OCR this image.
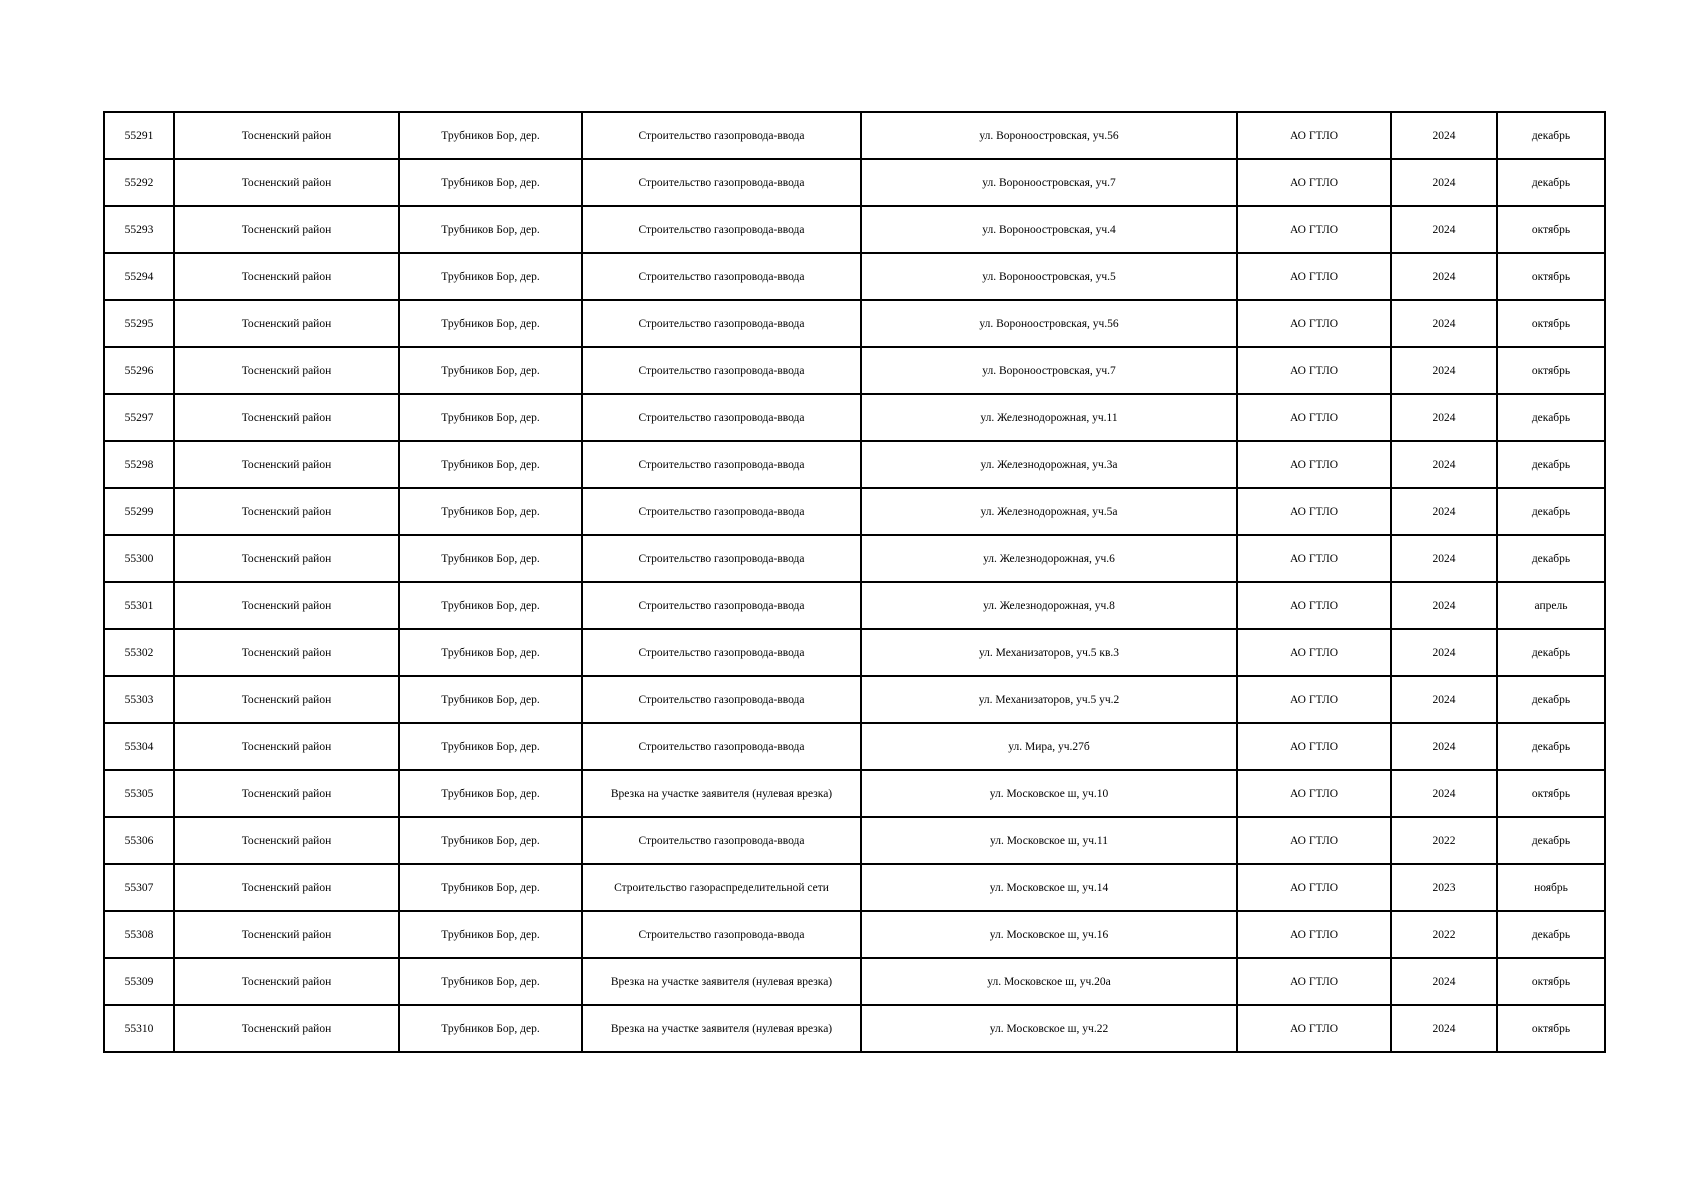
55291	Тосненский район	Трубников Бор, дер.	Строительство газопровода-ввода	ул. Вороноостровская, уч.56	АО ГТЛО	2024	декабрь
55292	Тосненский район	Трубников Бор, дер.	Строительство газопровода-ввода	ул. Вороноостровская, уч.7	АО ГТЛО	2024	декабрь
55293	Тосненский район	Трубников Бор, дер.	Строительство газопровода-ввода	ул. Вороноостровская, уч.4	АО ГТЛО	2024	октябрь
55294	Тосненский район	Трубников Бор, дер.	Строительство газопровода-ввода	ул. Вороноостровская, уч.5	АО ГТЛО	2024	октябрь
55295	Тосненский район	Трубников Бор, дер.	Строительство газопровода-ввода	ул. Вороноостровская, уч.56	АО ГТЛО	2024	октябрь
55296	Тосненский район	Трубников Бор, дер.	Строительство газопровода-ввода	ул. Вороноостровская, уч.7	АО ГТЛО	2024	октябрь
55297	Тосненский район	Трубников Бор, дер.	Строительство газопровода-ввода	ул. Железнодорожная, уч.11	АО ГТЛО	2024	декабрь
55298	Тосненский район	Трубников Бор, дер.	Строительство газопровода-ввода	ул. Железнодорожная, уч.3а	АО ГТЛО	2024	декабрь
55299	Тосненский район	Трубников Бор, дер.	Строительство газопровода-ввода	ул. Железнодорожная, уч.5а	АО ГТЛО	2024	декабрь
55300	Тосненский район	Трубников Бор, дер.	Строительство газопровода-ввода	ул. Железнодорожная, уч.6	АО ГТЛО	2024	декабрь
55301	Тосненский район	Трубников Бор, дер.	Строительство газопровода-ввода	ул. Железнодорожная, уч.8	АО ГТЛО	2024	апрель
55302	Тосненский район	Трубников Бор, дер.	Строительство газопровода-ввода	ул. Механизаторов, уч.5 кв.3	АО ГТЛО	2024	декабрь
55303	Тосненский район	Трубников Бор, дер.	Строительство газопровода-ввода	ул. Механизаторов, уч.5 уч.2	АО ГТЛО	2024	декабрь
55304	Тосненский район	Трубников Бор, дер.	Строительство газопровода-ввода	ул. Мира, уч.27б	АО ГТЛО	2024	декабрь
55305	Тосненский район	Трубников Бор, дер.	Врезка на участке заявителя (нулевая врезка)	ул. Московское ш, уч.10	АО ГТЛО	2024	октябрь
55306	Тосненский район	Трубников Бор, дер.	Строительство газопровода-ввода	ул. Московское ш, уч.11	АО ГТЛО	2022	декабрь
55307	Тосненский район	Трубников Бор, дер.	Строительство газораспределительной сети	ул. Московское ш, уч.14	АО ГТЛО	2023	ноябрь
55308	Тосненский район	Трубников Бор, дер.	Строительство газопровода-ввода	ул. Московское ш, уч.16	АО ГТЛО	2022	декабрь
55309	Тосненский район	Трубников Бор, дер.	Врезка на участке заявителя (нулевая врезка)	ул. Московское ш, уч.20а	АО ГТЛО	2024	октябрь
55310	Тосненский район	Трубников Бор, дер.	Врезка на участке заявителя (нулевая врезка)	ул. Московское ш, уч.22	АО ГТЛО	2024	октябрь
